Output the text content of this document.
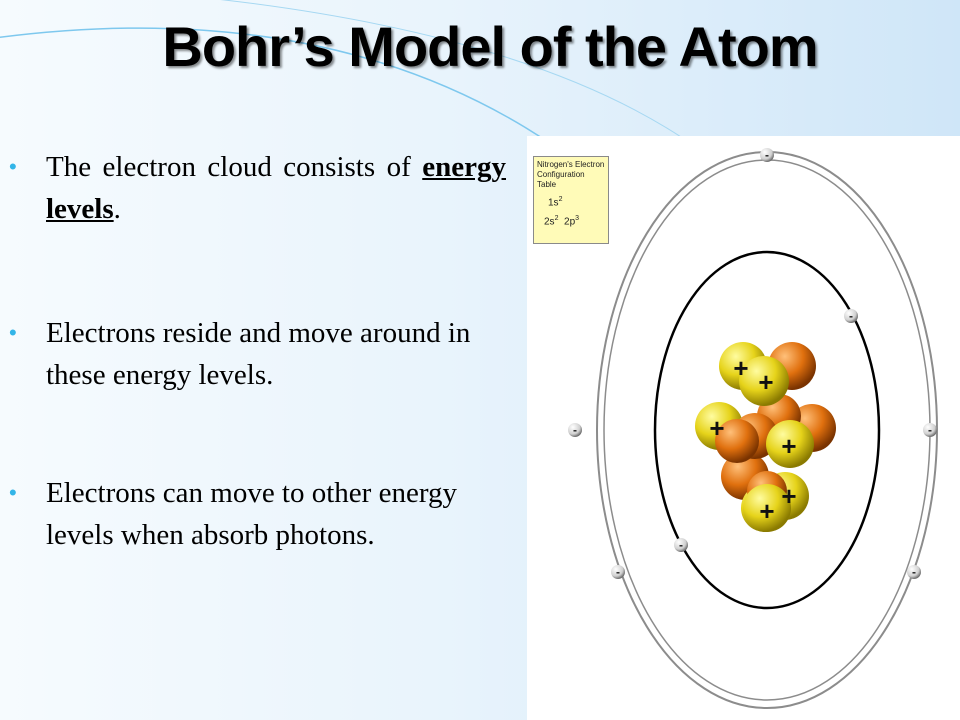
Bohr’s Model of the Atom
• The electron cloud consists of energy levels.
• Electrons reside and move around in these energy levels.
• Electrons can move to other energy levels when absorb photons.
+ +
+
+
+
+
-
-
-	-
-
-	-
Nitrogen's Electron Configuration Table
$1s^2$
$2s^2$ $2p^3$
